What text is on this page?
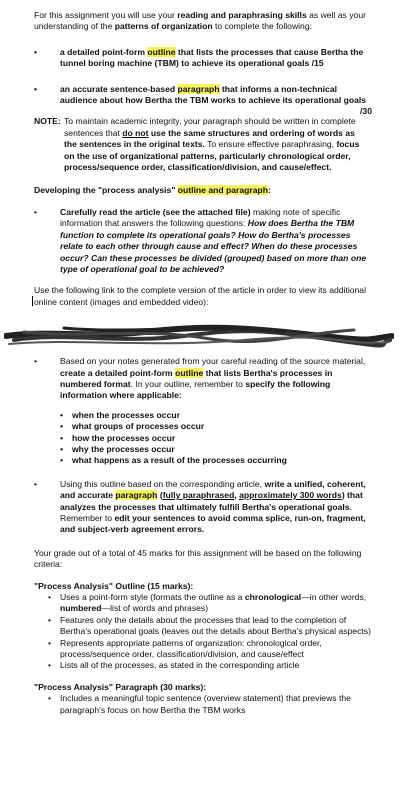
For this assignment you will use your reading and paraphrasing skills as well as your understanding of the patterns of organization to complete the following:

•	a detailed point-form outline that lists the processes that cause Bertha the tunnel boring machine (TBM) to achieve its operational goals /15

•	an accurate sentence-based paragraph that informs a non-technical audience about how Bertha the TBM works to achieve its operational goals
/30

NOTE: To maintain academic integrity, your paragraph should be written in complete sentences that do not use the same structures and ordering of words as the sentences in the original texts. To ensure effective paraphrasing, focus on the use of organizational patterns, particularly chronological order, process/sequence order, classification/division, and cause/effect.

Developing the "process analysis" outline and paragraph:

•	Carefully read the article (see the attached file) making note of specific information that answers the following questions: How does Bertha the TBM function to complete its operational goals? How do Bertha's processes relate to each other through cause and effect? When do these processes occur? Can these processes be divided (grouped) based on more than one type of operational goal to be achieved?

Use the following link to the complete version of the article in order to view its additional online content (images and embedded video):

•	Based on your notes generated from your careful reading of the source material, create a detailed point-form outline that lists Bertha's processes in numbered format. In your outline, remember to specify the following information where applicable:

• when the processes occur
• what groups of processes occur
• how the processes occur
• why the processes occur
• what happens as a result of the processes occurring

•	Using this outline based on the corresponding article, write a unified, coherent, and accurate paragraph (fully paraphrased, approximately 300 words) that analyzes the processes that ultimately fulfill Bertha's operational goals. Remember to edit your sentences to avoid comma splice, run-on, fragment, and subject-verb agreement errors.

Your grade out of a total of 45 marks for this assignment will be based on the following criteria:

"Process Analysis" Outline (15 marks):

• Uses a point-form style (formats the outline as a chronological—in other words, numbered—list of words and phrases)
• Features only the details about the processes that lead to the completion of Bertha's operational goals (leaves out the details about Bertha's physical aspects)
• Represents appropriate patterns of organization: chronological order, process/sequence order, classification/division, and cause/effect
• Lists all of the processes, as stated in the corresponding article

"Process Analysis" Paragraph (30 marks):

• Includes a meaningful topic sentence (overview statement) that previews the paragraph's focus on how Bertha the TBM works
